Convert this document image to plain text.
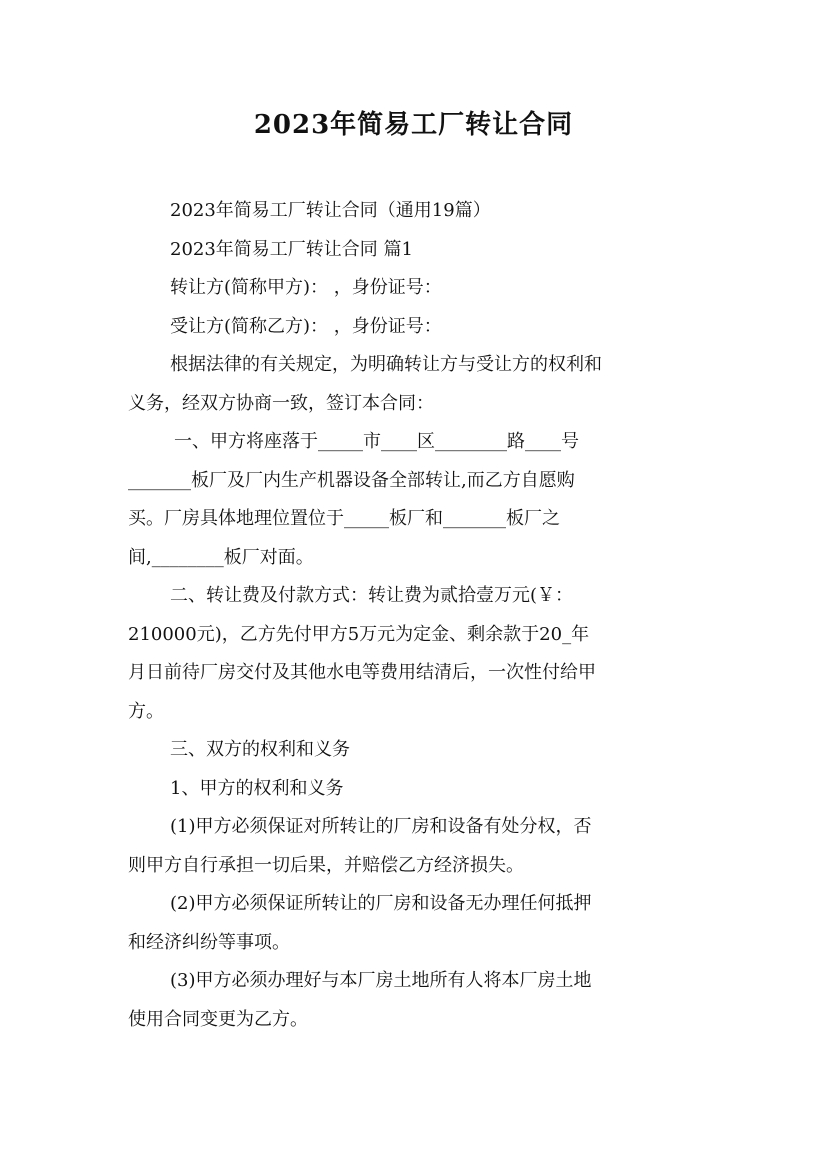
2023年简易工厂转让合同
2023年简易工厂转让合同（通用19篇）
2023年简易工厂转让合同 篇1
转让方(简称甲方)： ，身份证号：
受让方(简称乙方)： ，身份证号：
根据法律的有关规定，为明确转让方与受让方的权利和
义务，经双方协商一致，签订本合同：
一、甲方将座落于_____市____区________路____号
_______板厂及厂内生产机器设备全部转让,而乙方自愿购
买。厂房具体地理位置位于_____板厂和_______板厂之
间,________板厂对面。
二、转让费及付款方式：转让费为贰拾壹万元(￥：
210000元)，乙方先付甲方5万元为定金、剩余款于20_年
月日前待厂房交付及其他水电等费用结清后，一次性付给甲
方。
三、双方的权利和义务
1、甲方的权利和义务
(1)甲方必须保证对所转让的厂房和设备有处分权，否
则甲方自行承担一切后果，并赔偿乙方经济损失。
(2)甲方必须保证所转让的厂房和设备无办理任何抵押
和经济纠纷等事项。
(3)甲方必须办理好与本厂房土地所有人将本厂房土地
使用合同变更为乙方。
